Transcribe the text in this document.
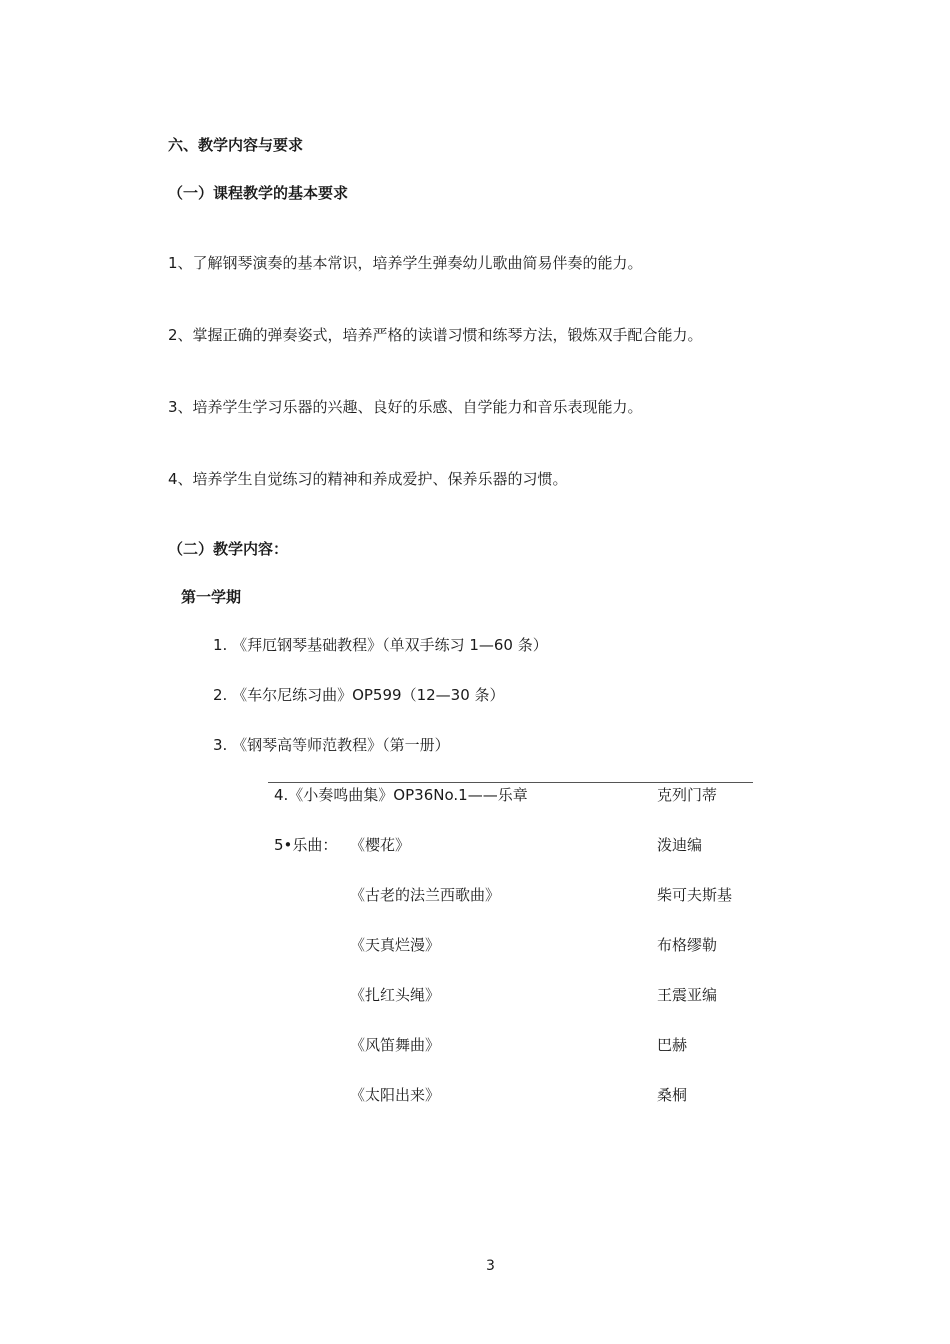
六、教学内容与要求
（一）课程教学的基本要求
1、了解钢琴演奏的基本常识，培养学生弹奏幼儿歌曲简易伴奏的能力。
2、掌握正确的弹奏姿式，培养严格的读谱习惯和练琴方法，锻炼双手配合能力。
3、培养学生学习乐器的兴趣、良好的乐感、自学能力和音乐表现能力。
4、培养学生自觉练习的精神和养成爱护、保养乐器的习惯。
（二）教学内容：
第一学期
1. 《拜厄钢琴基础教程》（单双手练习 1—60 条）
2. 《车尔尼练习曲》OP599（12—30 条）
3. 《钢琴高等师范教程》（第一册）
4.《小奏鸣曲集》OP36No.1——乐章	克列门蒂
5•乐曲： 《樱花》	泼迪编
《古老的法兰西歌曲》	柴可夫斯基
《天真烂漫》	布格缪勒
《扎红头绳》	王震亚编
《风笛舞曲》	巴赫
《太阳出来》	桑桐
3
